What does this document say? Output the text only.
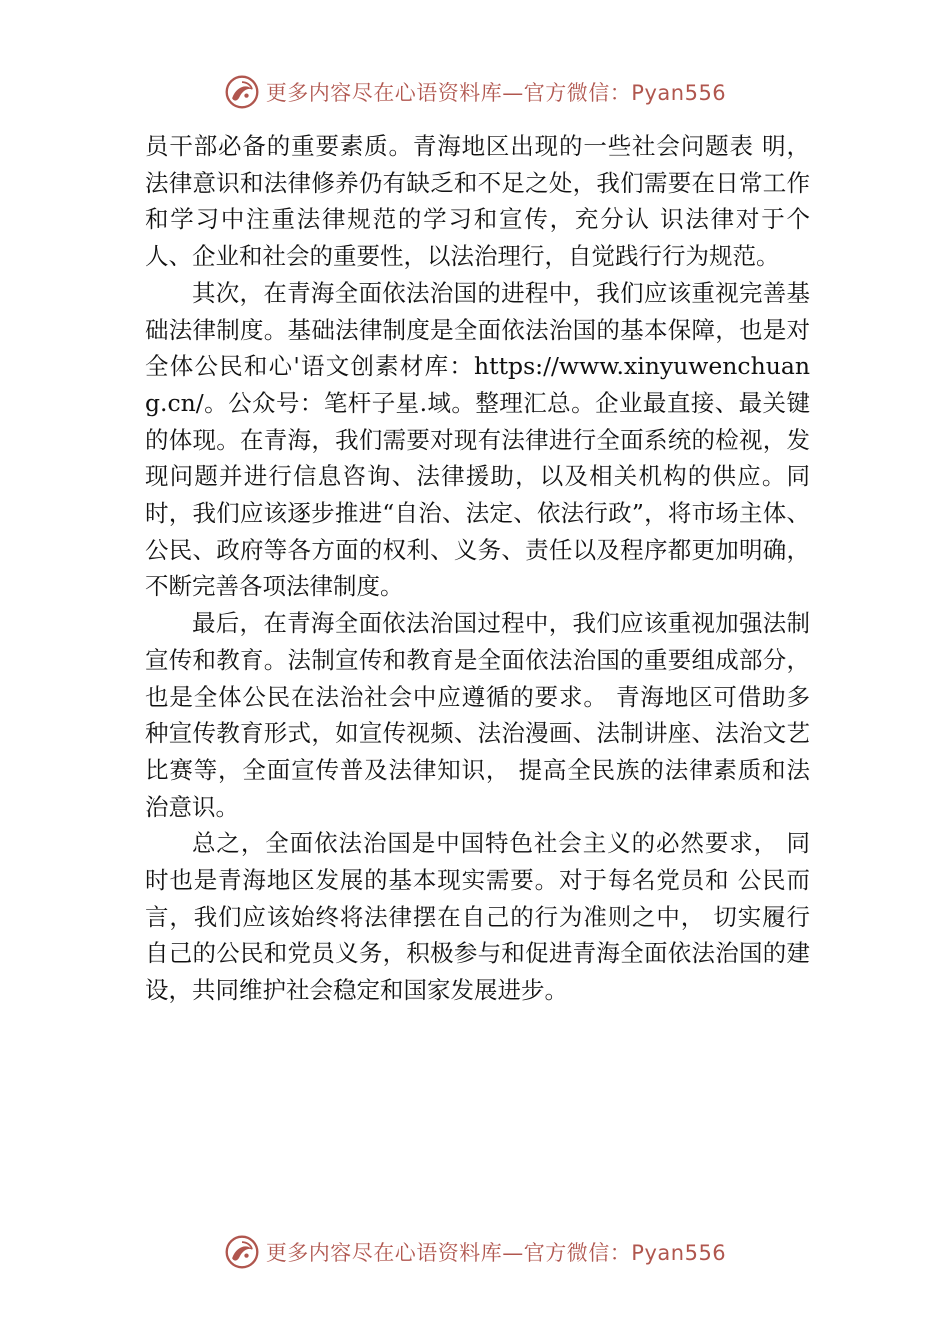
更多内容尽在心语资料库—官方微信：Pyan556

员干部必备的重要素质。青海地区出现的一些社会问题表 明，法律意识和法律修养仍有缺乏和不足之处，我们需要在日常工作和学习中注重法律规范的学习和宣传，充分认 识法律对于个人、企业和社会的重要性，以法治理行，自觉践行行为规范。

其次，在青海全面依法治国的进程中，我们应该重视完善基础法律制度。基础法律制度是全面依法治国的基本保障，也是对全体公民和心'语文创素材库：https://www.xinyuwenchuang.cn/。公众号：笔杆子星.域。整理汇总。企业最直接、最关键的体现。在青海，我们需要对现有法律进行全面系统的检视，发现问题并进行信息咨询、法律援助，以及相关机构的供应。同时，我们应该逐步推进“自治、法定、依法行政”，将市场主体、公民、政府等各方面的权利、义务、责任以及程序都更加明确，不断完善各项法律制度。

最后，在青海全面依法治国过程中，我们应该重视加强法制宣传和教育。法制宣传和教育是全面依法治国的重要组成部分，也是全体公民在法治社会中应遵循的要求。 青海地区可借助多种宣传教育形式，如宣传视频、法治漫画、法制讲座、法治文艺比赛等，全面宣传普及法律知识， 提高全民族的法律素质和法治意识。

总之，全面依法治国是中国特色社会主义的必然要求， 同时也是青海地区发展的基本现实需要。对于每名党员和 公民而言，我们应该始终将法律摆在自己的行为准则之中， 切实履行自己的公民和党员义务，积极参与和促进青海全面依法治国的建设，共同维护社会稳定和国家发展进步。

更多内容尽在心语资料库—官方微信：Pyan556
